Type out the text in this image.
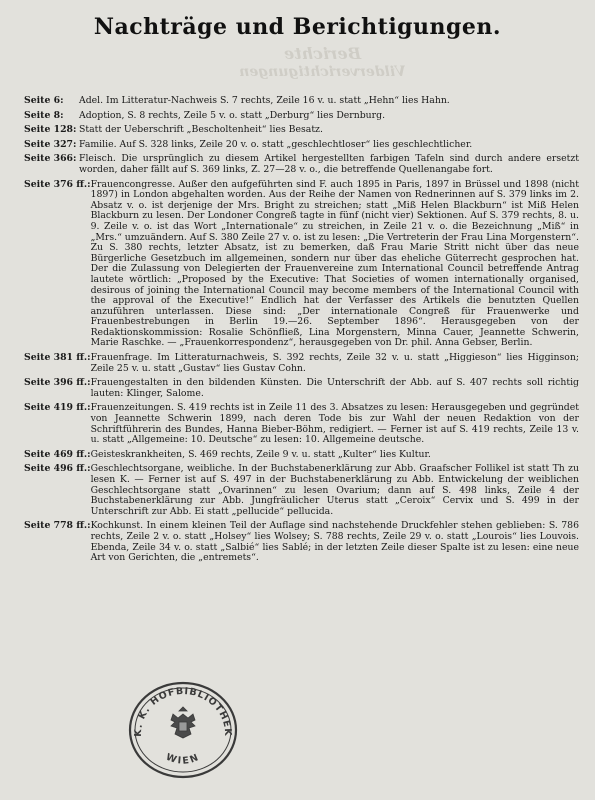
Nachträge und Berichtigungen.
Berichte
Vilderverichtigungen
Seite 6:	Adel. Im Litteratur-Nachweis S. 7 rechts, Zeile 16 v. u. statt „Hehn“ lies Hahn.
Seite 8:	Adoption, S. 8 rechts, Zeile 5 v. o. statt „Derburg“ lies Dernburg.
Seite 128: Statt der Ueberschrift „Bescholtenheit“ lies Besatz.
Seite 327: Familie. Auf S. 328 links, Zeile 20 v. o. statt „geschlechtloser“ lies geschlechtlicher.
Seite 366: Fleisch. Die ursprünglich zu diesem Artikel hergestellten farbigen Tafeln sind durch andere ersetzt worden, daher fällt auf S. 369 links, Z. 27—28 v. o., die betreffende Quellenangabe fort.
Seite 376 ff.: Frauencongresse. Außer den aufgeführten sind F. auch 1895 in Paris, 1897 in Brüssel und 1898 (nicht 1897) in London abgehalten worden. Aus der Reihe der Namen von Rednerinnen auf S. 379 links im 2. Absatz v. o. ist derjenige der Mrs. Bright zu streichen; statt „Miß Helen Blackburn“ ist Miß Helen Blackburn zu lesen. Der Londoner Congreß tagte in fünf (nicht vier) Sektionen. Auf S. 379 rechts, 8. u. 9. Zeile v. o. ist das Wort „Internationale“ zu streichen, in Zeile 21 v. o. die Bezeichnung „Miß“ in „Mrs.“ umzuändern. Auf S. 380 Zeile 27 v. o. ist zu lesen: „Die Vertreterin der Frau Lina Morgenstern“. Zu S. 380 rechts, letzter Absatz, ist zu bemerken, daß Frau Marie Stritt nicht über das neue Bürgerliche Gesetzbuch im allgemeinen, sondern nur über das eheliche Güterrecht gesprochen hat. Der die Zulassung von Delegierten der Frauenvereine zum International Council betreffende Antrag lautete wörtlich: „Proposed by the Executive: That Societies of women internationally organised, desirous of joining the International Council may become members of the International Council with the approval of the Executive!“ Endlich hat der Verfasser des Artikels die benutzten Quellen anzuführen unterlassen. Diese sind: „Der internationale Congreß für Frauenwerke und Frauenbestrebungen in Berlin 19.—26. September 1896“. Herausgegeben von der Redaktionskommission: Rosalie Schönfließ, Lina Morgenstern, Minna Cauer, Jeannette Schwerin, Marie Raschke. — „Frauenkorrespondenz“, herausgegeben von Dr. phil. Anna Gebser, Berlin.
Seite 381 ff.: Frauenfrage. Im Litteraturnachweis, S. 392 rechts, Zeile 32 v. u. statt „Higgieson“ lies Higginson; Zeile 25 v. u. statt „Gustav“ lies Gustav Cohn.
Seite 396 ff.: Frauengestalten in den bildenden Künsten. Die Unterschrift der Abb. auf S. 407 rechts soll richtig lauten: Klinger, Salome.
Seite 419 ff.: Frauenzeitungen. S. 419 rechts ist in Zeile 11 des 3. Absatzes zu lesen: Herausgegeben und gegründet von Jeannette Schwerin 1899, nach deren Tode bis zur Wahl der neuen Redaktion von der Schriftführerin des Bundes, Hanna Bieber-Böhm, redigiert. — Ferner ist auf S. 419 rechts, Zeile 13 v. u. statt „Allgemeine: 10. Deutsche“ zu lesen: 10. Allgemeine deutsche.
Seite 469 ff.: Geisteskrankheiten, S. 469 rechts, Zeile 9 v. u. statt „Kulter“ lies Kultur.
Seite 496 ff.: Geschlechtsorgane, weibliche. In der Buchstabenerklärung zur Abb. Graafscher Follikel ist statt Th zu lesen K. — Ferner ist auf S. 497 in der Buchstabenerklärung zu Abb. Entwickelung der weiblichen Geschlechtsorgane statt „Ovarinnen“ zu lesen Ovarium; dann auf S. 498 links, Zeile 4 der Buchstabenerklärung zur Abb. Jungfräulicher Uterus statt „Ceroix“ Cervix und S. 499 in der Unterschrift zur Abb. Ei statt „pellucide“ pellucida.
Seite 778 ff.: Kochkunst. In einem kleinen Teil der Auflage sind nachstehende Druckfehler stehen geblieben: S. 786 rechts, Zeile 2 v. o. statt „Holsey“ lies Wolsey; S. 788 rechts, Zeile 29 v. o. statt „Lourois“ lies Louvois. Ebenda, Zeile 34 v. o. statt „Salbié“ lies Sablé; in der letzten Zeile dieser Spalte ist zu lesen: eine neue Art von Gerichten, die „entremets“.
K. K. HOFBIBLIOTHEK
WIEN
